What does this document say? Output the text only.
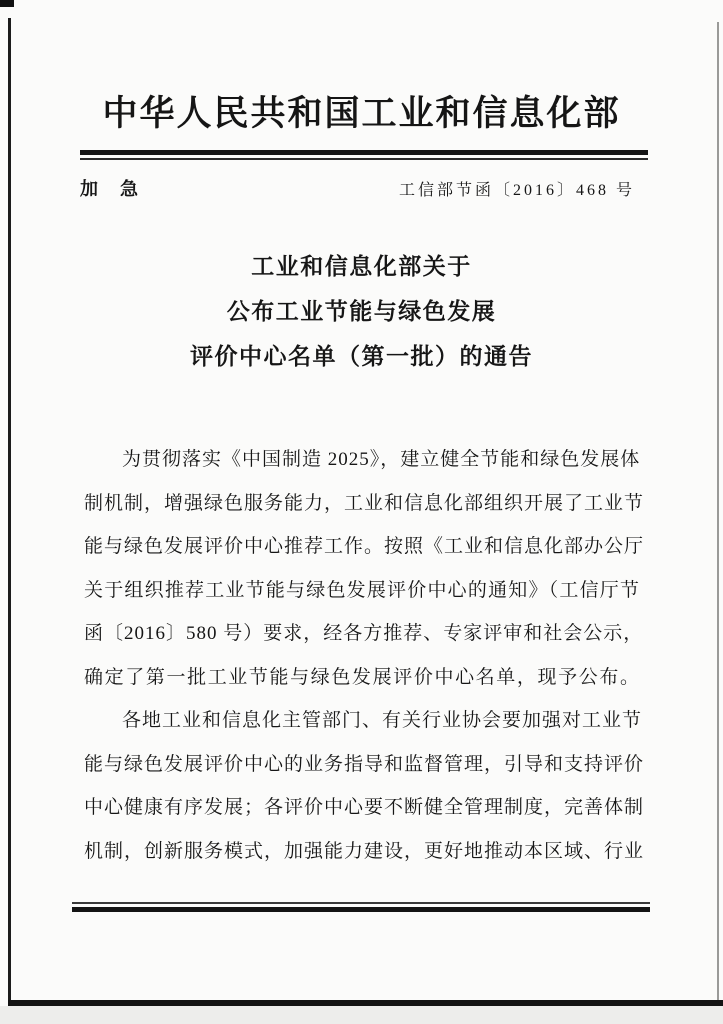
中华人民共和国工业和信息化部
加　急	工信部节函〔2016〕468 号
工业和信息化部关于
公布工业节能与绿色发展
评价中心名单（第一批）的通告
为贯彻落实《中国制造 2025》，建立健全节能和绿色发展体
制机制，增强绿色服务能力，工业和信息化部组织开展了工业节
能与绿色发展评价中心推荐工作。按照《工业和信息化部办公厅
关于组织推荐工业节能与绿色发展评价中心的通知》（工信厅节
函〔2016〕580 号）要求，经各方推荐、专家评审和社会公示，
确定了第一批工业节能与绿色发展评价中心名单，现予公布。
各地工业和信息化主管部门、有关行业协会要加强对工业节
能与绿色发展评价中心的业务指导和监督管理，引导和支持评价
中心健康有序发展；各评价中心要不断健全管理制度，完善体制
机制，创新服务模式，加强能力建设，更好地推动本区域、行业
